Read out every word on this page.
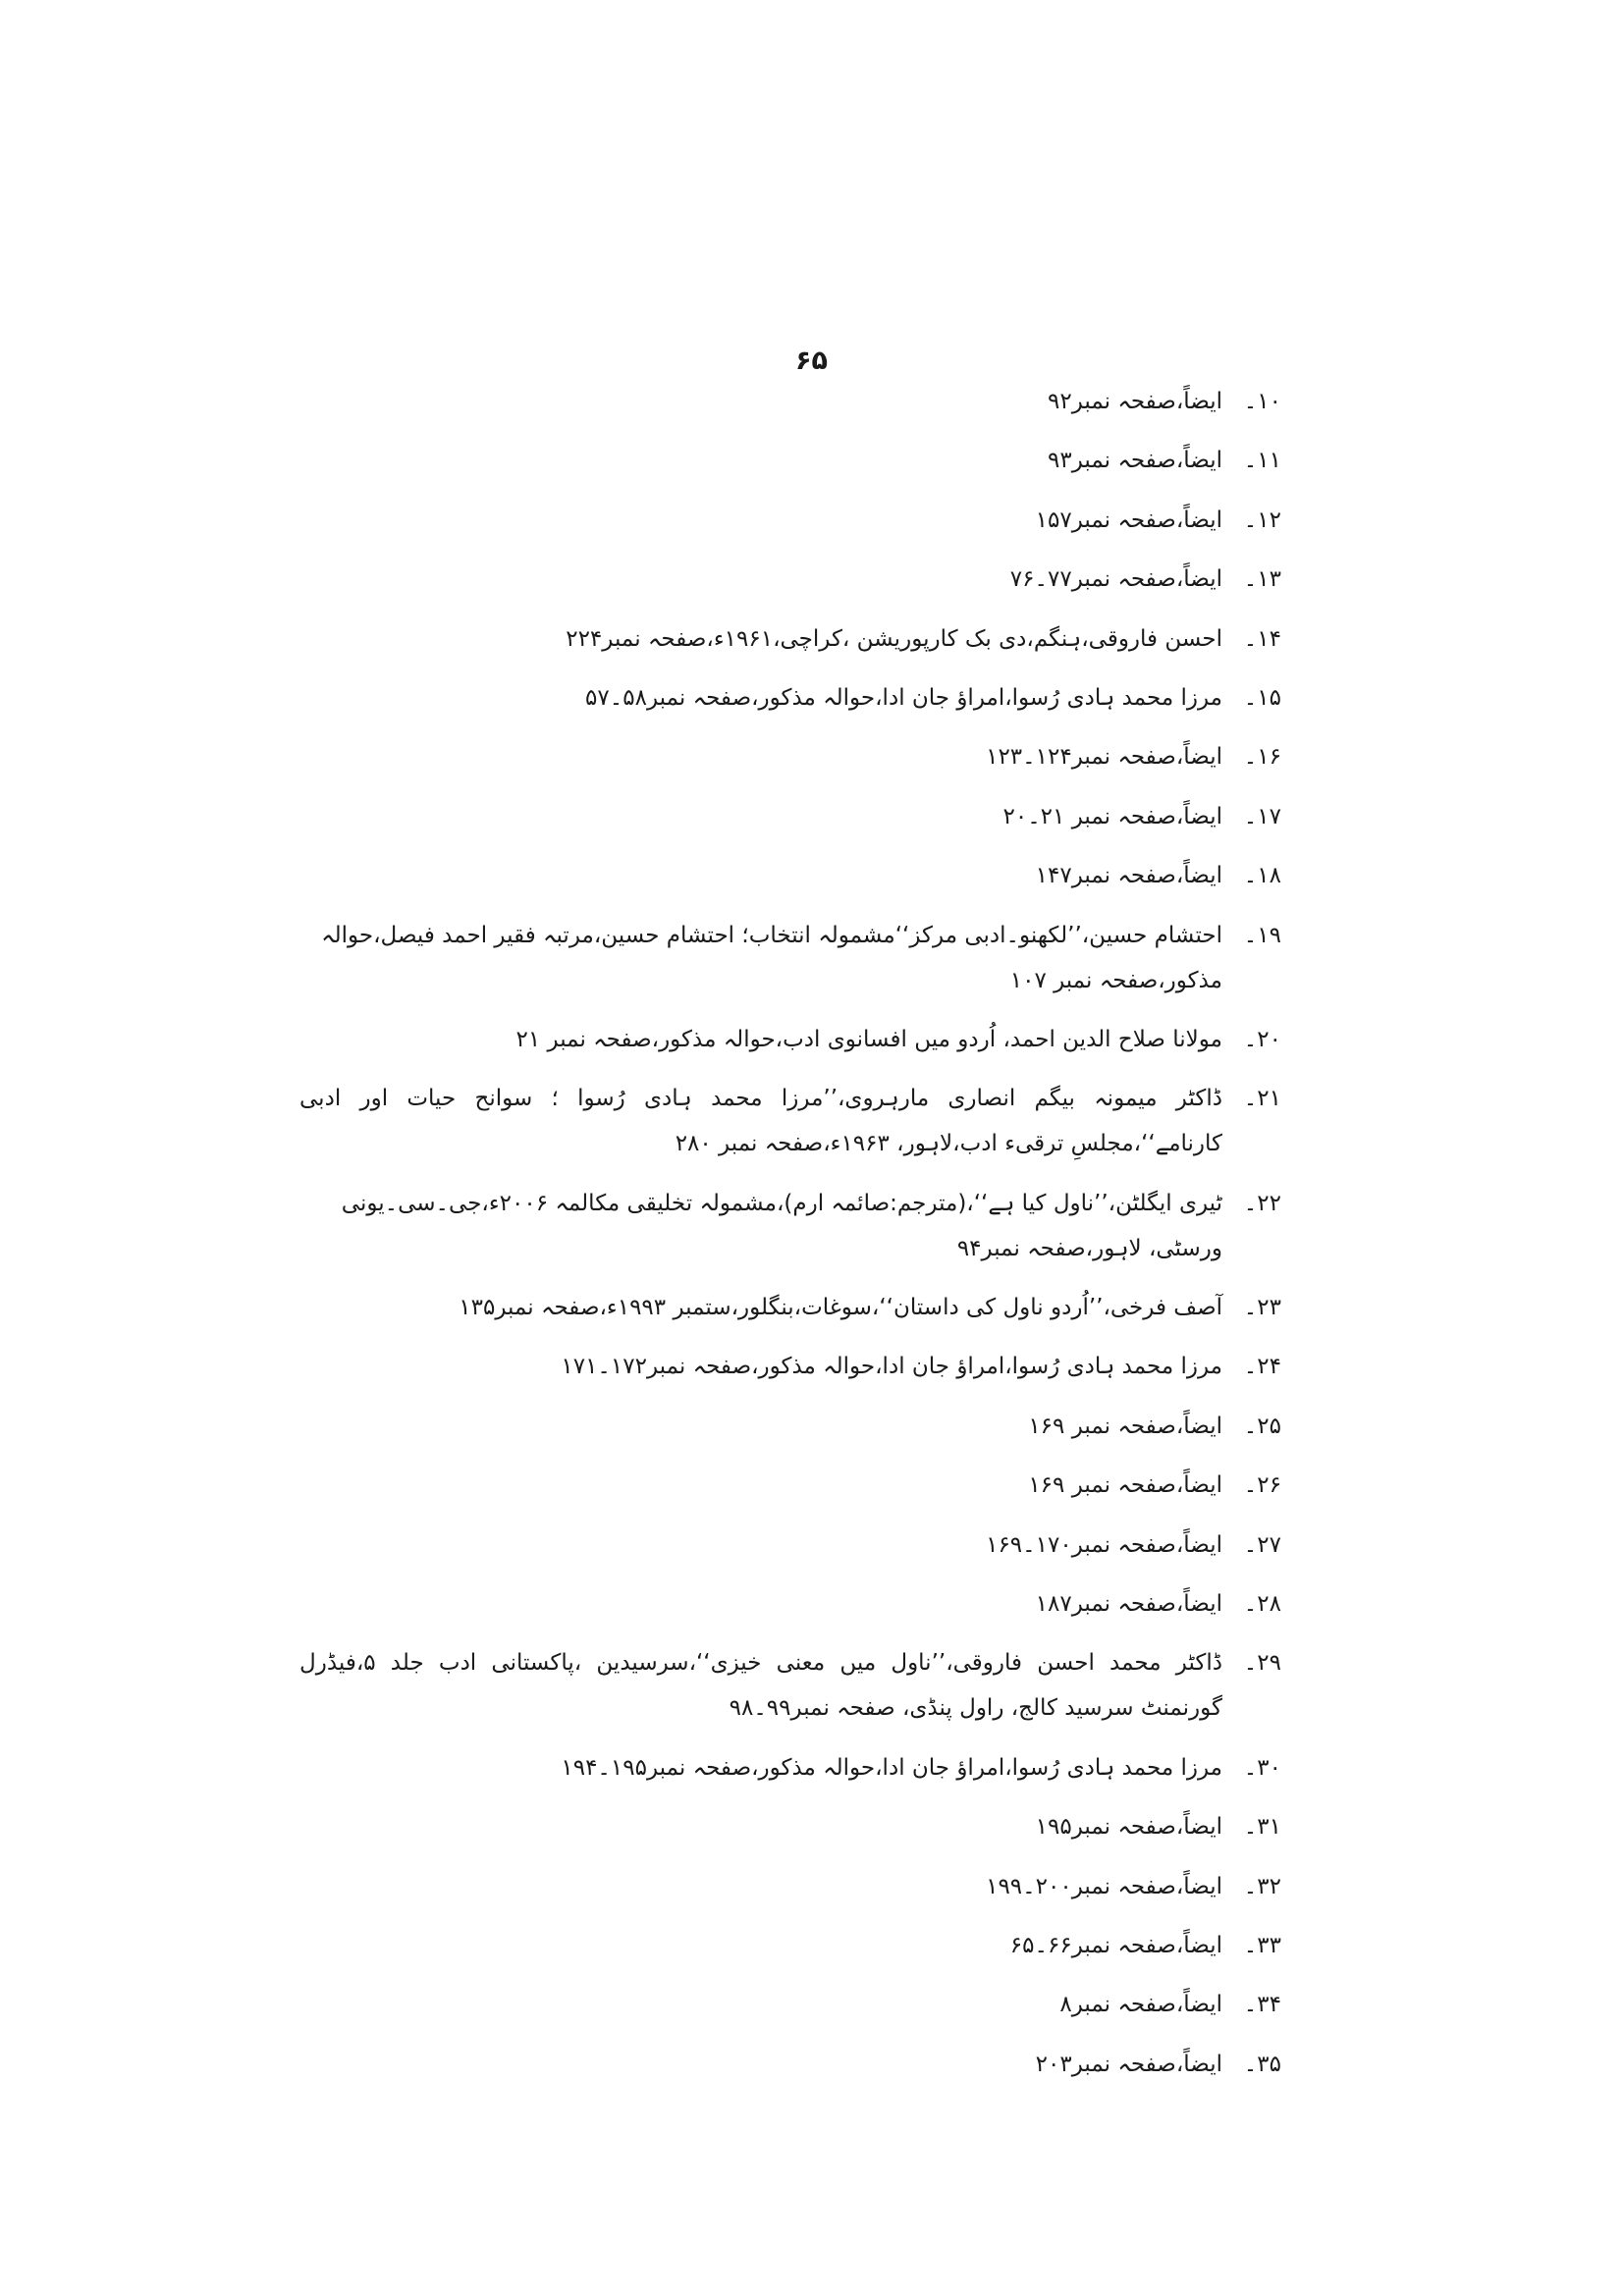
۶۵
۱۰۔
ایضاً،صفحہ نمبر۹۲
۱۱۔
ایضاً،صفحہ نمبر۹۳
۱۲۔
ایضاً،صفحہ نمبر۱۵۷
۱۳۔
ایضاً،صفحہ نمبر۷۷۔۷۶
۱۴۔
احسن فاروقی،ہنگم،دی بک کارپوریشن ،کراچی،۱۹۶۱ء،صفحہ نمبر۲۲۴
۱۵۔
مرزا محمد ہادی رُسوا،امراؤ جان ادا،حوالہ مذکور،صفحہ نمبر۵۸۔۵۷
۱۶۔
ایضاً،صفحہ نمبر۱۲۴۔۱۲۳
۱۷۔
ایضاً،صفحہ نمبر ۲۱۔۲۰
۱۸۔
ایضاً،صفحہ نمبر۱۴۷
۱۹۔
احتشام حسین،’’لکھنو۔ادبی مرکز‘‘مشمولہ انتخاب؛ احتشام حسین،مرتبہ فقیر احمد فیصل،حوالہ مذکور،صفحہ نمبر ۱۰۷
۲۰۔
مولانا صلاح الدین احمد، اُردو میں افسانوی ادب،حوالہ مذکور،صفحہ نمبر ۲۱
۲۱۔
ڈاکٹر میمونہ بیگم انصاری مارہروی،’’مرزا محمد ہادی رُسوا ؛ سوانح حیات اور ادبی کارنامے‘‘،مجلسِ ترقیء ادب،لاہور، ۱۹۶۳ء،صفحہ نمبر ۲۸۰
۲۲۔
ٹیری ایگلٹن،’’ناول کیا ہے‘‘،(مترجم:صائمہ ارم)،مشمولہ تخلیقی مکالمہ ۲۰۰۶ء،جی۔سی۔یونی ورسٹی، لاہور،صفحہ نمبر۹۴
۲۳۔
آصف فرخی،’’اُردو ناول کی داستان‘‘،سوغات،بنگلور،ستمبر ۱۹۹۳ء،صفحہ نمبر۱۳۵
۲۴۔
مرزا محمد ہادی رُسوا،امراؤ جان ادا،حوالہ مذکور،صفحہ نمبر۱۷۲۔۱۷۱
۲۵۔
ایضاً،صفحہ نمبر ۱۶۹
۲۶۔
ایضاً،صفحہ نمبر ۱۶۹
۲۷۔
ایضاً،صفحہ نمبر۱۷۰۔۱۶۹
۲۸۔
ایضاً،صفحہ نمبر۱۸۷
۲۹۔
ڈاکٹر محمد احسن فاروقی،’’ناول میں معنی خیزی‘‘،سرسیدین ،پاکستانی ادب جلد ۵،فیڈرل گورنمنٹ سرسید کالج، راول پنڈی، صفحہ نمبر۹۹۔۹۸
۳۰۔
مرزا محمد ہادی رُسوا،امراؤ جان ادا،حوالہ مذکور،صفحہ نمبر۱۹۵۔۱۹۴
۳۱۔
ایضاً،صفحہ نمبر۱۹۵
۳۲۔
ایضاً،صفحہ نمبر۲۰۰۔۱۹۹
۳۳۔
ایضاً،صفحہ نمبر۶۶۔۶۵
۳۴۔
ایضاً،صفحہ نمبر۸
۳۵۔
ایضاً،صفحہ نمبر۲۰۳
